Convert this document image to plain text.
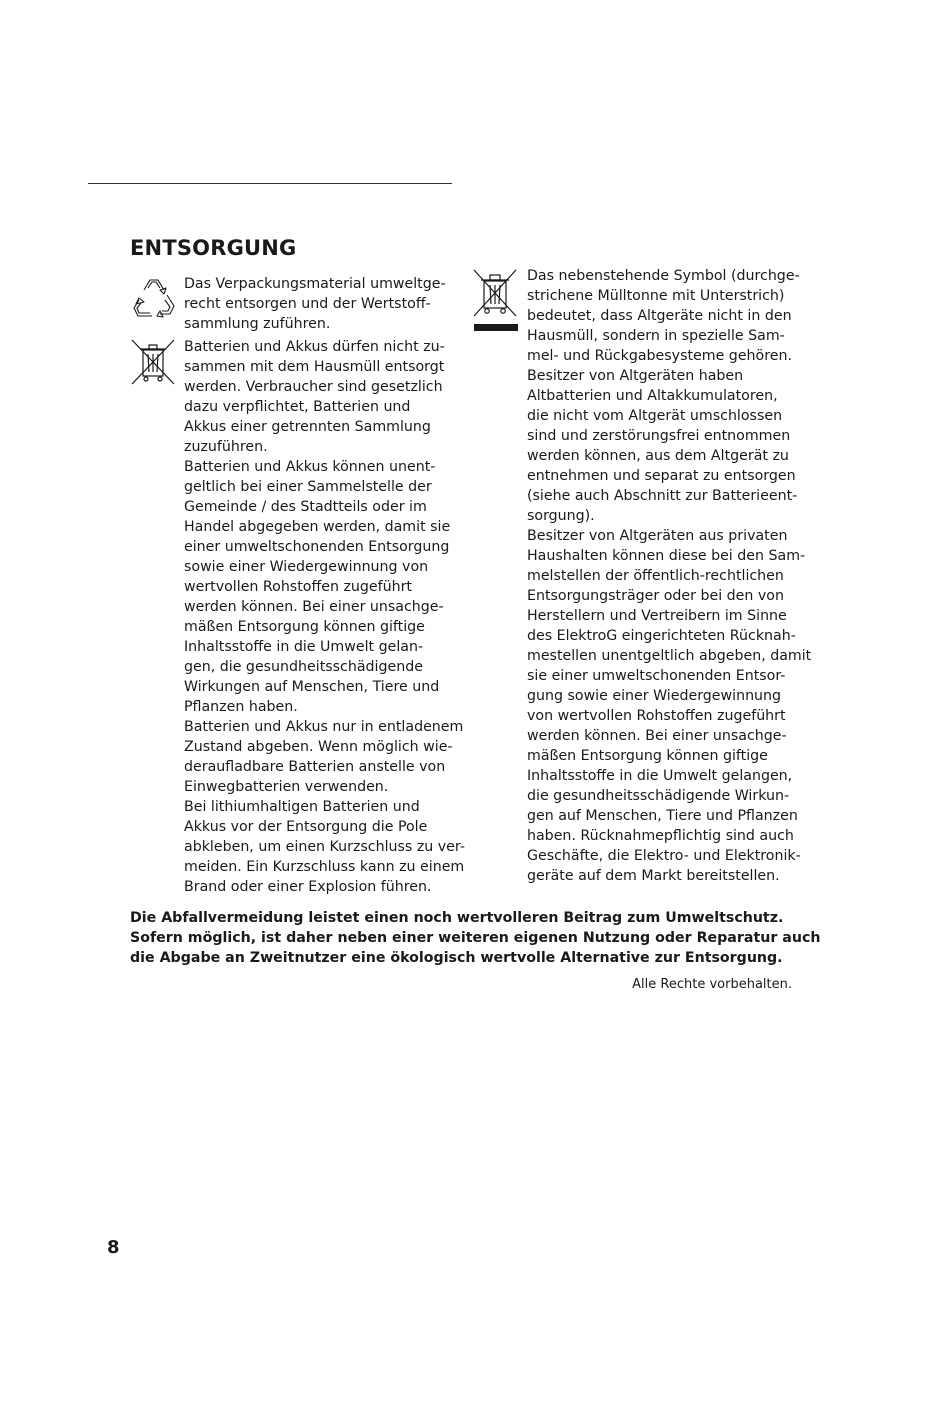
ENTSORGUNG
Das Verpackungsmaterial umweltge-
recht entsorgen und der Wertstoff-
sammlung zuführen.
Batterien und Akkus dürfen nicht zu-
sammen mit dem Hausmüll entsorgt
werden. Verbraucher sind gesetzlich
dazu verpflichtet, Batterien und
Akkus einer getrennten Sammlung
zuzuführen.
Batterien und Akkus können unent-
geltlich bei einer Sammelstelle der
Gemeinde / des Stadtteils oder im
Handel abgegeben werden, damit sie
einer umweltschonenden Entsorgung
sowie einer Wiedergewinnung von
wertvollen Rohstoffen zugeführt
werden können. Bei einer unsachge-
mäßen Entsorgung können giftige
Inhaltsstoffe in die Umwelt gelan-
gen, die gesundheitsschädigende
Wirkungen auf Menschen, Tiere und
Pflanzen haben.
Batterien und Akkus nur in entladenem
Zustand abgeben. Wenn möglich wie-
deraufladbare Batterien anstelle von
Einwegbatterien verwenden.
Bei lithiumhaltigen Batterien und
Akkus vor der Entsorgung die Pole
abkleben, um einen Kurzschluss zu ver-
meiden. Ein Kurzschluss kann zu einem
Brand oder einer Explosion führen.
Das nebenstehende Symbol (durchge-
strichene Mülltonne mit Unterstrich)
bedeutet, dass Altgeräte nicht in den
Hausmüll, sondern in spezielle Sam-
mel- und Rückgabesysteme gehören.
Besitzer von Altgeräten haben
Altbatterien und Altakkumulatoren,
die nicht vom Altgerät umschlossen
sind und zerstörungsfrei entnommen
werden können, aus dem Altgerät zu
entnehmen und separat zu entsorgen
(siehe auch Abschnitt zur Batterieent-
sorgung).
Besitzer von Altgeräten aus privaten
Haushalten können diese bei den Sam-
melstellen der öffentlich-rechtlichen
Entsorgungsträger oder bei den von
Herstellern und Vertreibern im Sinne
des ElektroG eingerichteten Rücknah-
mestellen unentgeltlich abgeben, damit
sie einer umweltschonenden Entsor-
gung sowie einer Wiedergewinnung
von wertvollen Rohstoffen zugeführt
werden können. Bei einer unsachge-
mäßen Entsorgung können giftige
Inhaltsstoffe in die Umwelt gelangen,
die gesundheitsschädigende Wirkun-
gen auf Menschen, Tiere und Pflanzen
haben. Rücknahmepflichtig sind auch
Geschäfte, die Elektro- und Elektronik-
geräte auf dem Markt bereitstellen.
Die Abfallvermeidung leistet einen noch wertvolleren Beitrag zum Umweltschutz.
Sofern möglich, ist daher neben einer weiteren eigenen Nutzung oder Reparatur auch
die Abgabe an Zweitnutzer eine ökologisch wertvolle Alternative zur Entsorgung.
Alle Rechte vorbehalten.
8
